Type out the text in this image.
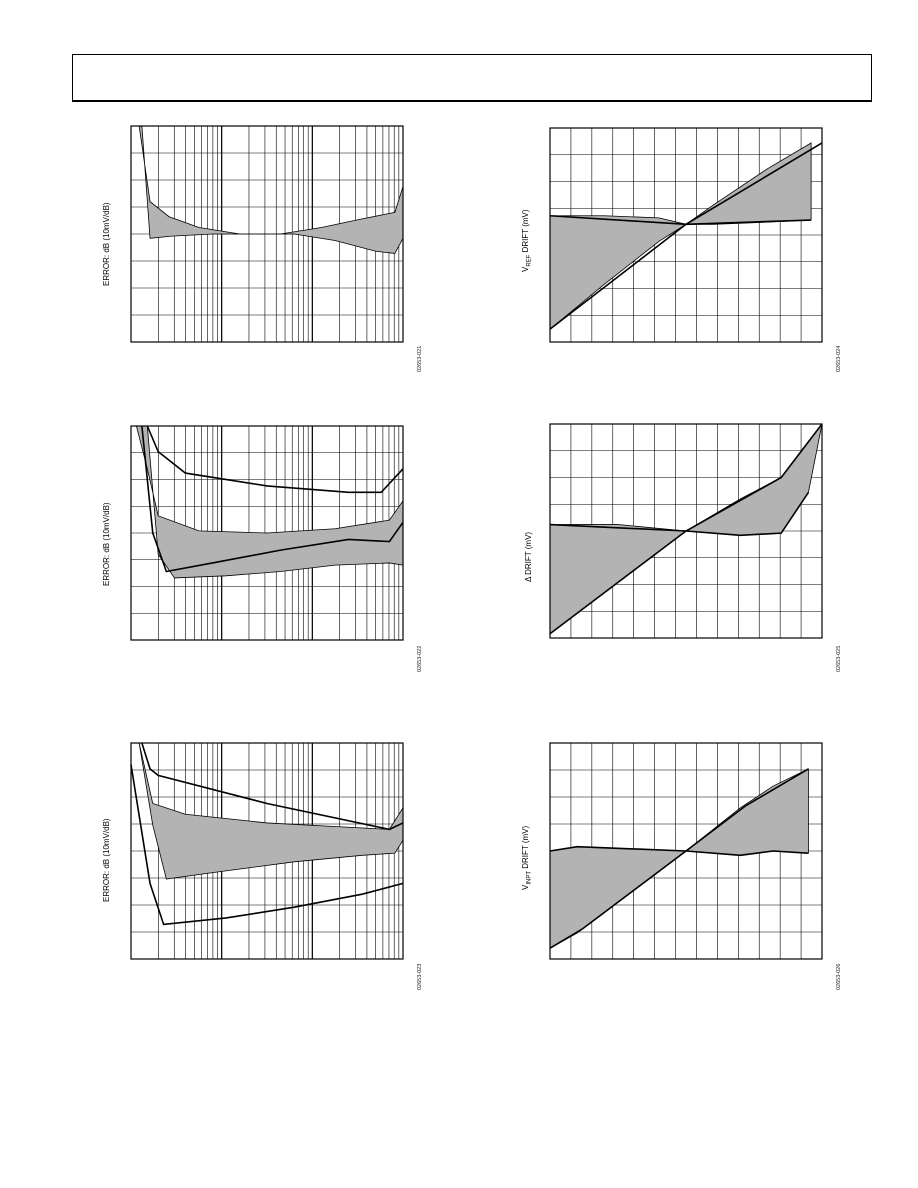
ERROR: dB (10mV/dB)
02653-021
ERROR: dB (10mV/dB)
02653-022
ERROR: dB (10mV/dB)
02653-023
$V_{REF}$ DRIFT (mV)
02653-024
Δ DRIFT (mV)
02653-025
$V_{INPT}$ DRIFT (mV)
02653-026
